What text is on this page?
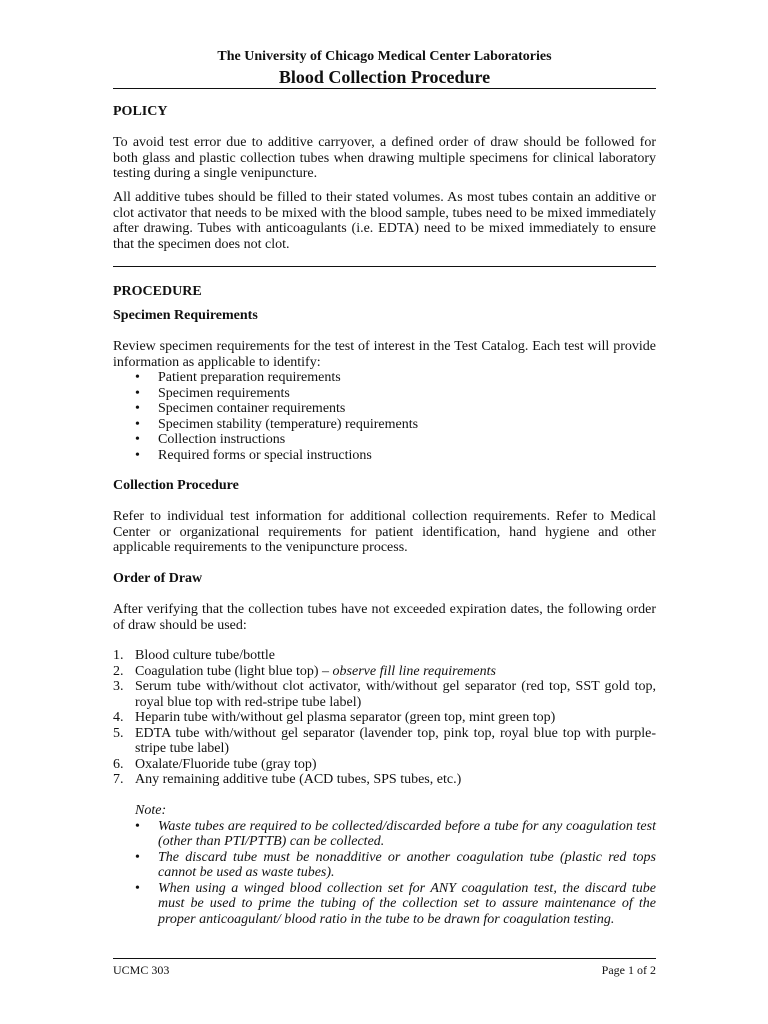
The University of Chicago Medical Center Laboratories
Blood Collection Procedure

POLICY

To avoid test error due to additive carryover, a defined order of draw should be followed for both glass and plastic collection tubes when drawing multiple specimens for clinical laboratory testing during a single venipuncture.

All additive tubes should be filled to their stated volumes. As most tubes contain an additive or clot activator that needs to be mixed with the blood sample, tubes need to be mixed immediately after drawing. Tubes with anticoagulants (i.e. EDTA) need to be mixed immediately to ensure that the specimen does not clot.

PROCEDURE

Specimen Requirements

Review specimen requirements for the test of interest in the Test Catalog. Each test will provide information as applicable to identify:

• Patient preparation requirements
• Specimen requirements
• Specimen container requirements
• Specimen stability (temperature) requirements
• Collection instructions
• Required forms or special instructions

Collection Procedure

Refer to individual test information for additional collection requirements. Refer to Medical Center or organizational requirements for patient identification, hand hygiene and other applicable requirements to the venipuncture process.

Order of Draw

After verifying that the collection tubes have not exceeded expiration dates, the following order of draw should be used:

1. Blood culture tube/bottle
2. Coagulation tube (light blue top) – observe fill line requirements
3. Serum tube with/without clot activator, with/without gel separator (red top, SST gold top, royal blue top with red-stripe tube label)
4. Heparin tube with/without gel plasma separator (green top, mint green top)
5. EDTA tube with/without gel separator (lavender top, pink top, royal blue top with purple-stripe tube label)
6. Oxalate/Fluoride tube (gray top)
7. Any remaining additive tube (ACD tubes, SPS tubes, etc.)
Note:
• Waste tubes are required to be collected/discarded before a tube for any coagulation test (other than PTI/PTTB) can be collected.
• The discard tube must be nonadditive or another coagulation tube (plastic red tops cannot be used as waste tubes).
• When using a winged blood collection set for ANY coagulation test, the discard tube must be used to prime the tubing of the collection set to assure maintenance of the proper anticoagulant/ blood ratio in the tube to be drawn for coagulation testing.
UCMC 303	Page 1 of 2
